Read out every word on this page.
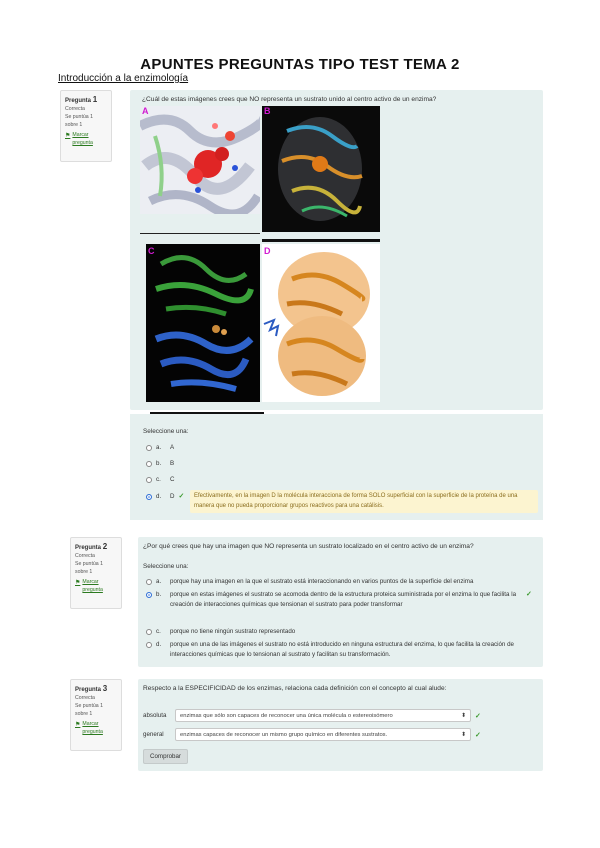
APUNTES PREGUNTAS TIPO TEST TEMA 2
Introducción a la enzimología
Pregunta 1
Correcta
Se puntúa 1 sobre 1
⚑ Marcar pregunta
¿Cuál de estas imágenes crees que NO representa un sustrato unido al centro activo de un enzima?
A	B
C	D
Seleccione una:
a.	A
b.	B
c.	C
d.	D ✓	Efectivamente, en la imagen D la molécula interacciona de forma SOLO superficial con la superficie de la proteína de una manera que no pueda proporcionar grupos reactivos para una catálisis.
Pregunta 2
Correcta
Se puntúa 1 sobre 1
⚑ Marcar pregunta
¿Por qué crees que hay una imagen que NO representa un sustrato localizado en el centro activo de un enzima?
Seleccione una:
a.	porque hay una imagen en la que el sustrato está interaccionando en varios puntos de la superficie del enzima
b.	porque en estas imágenes el sustrato se acomoda dentro de la estructura proteica suministrada por el enzima lo que facilita la creación de interacciones químicas que tensionan el sustrato para poder transformar
✓
c.	porque no tiene ningún sustrato representado
d.	porque en una de las imágenes el sustrato no está introducido en ninguna estructura del enzima, lo que facilita la creación de interacciones químicas que lo tensionan al sustrato y facilitan su transformación.
Pregunta 3
Correcta
Se puntúa 1 sobre 1
⚑ Marcar pregunta
Respecto a la ESPECIFICIDAD de los enzimas, relaciona cada definición con el concepto al cual alude:
absoluta	enzimas que sólo son capaces de reconocer una única molécula o estereoisómero	⬍ ✓
general	enzimas capaces de reconocer un mismo grupo químico en diferentes sustratos.	⬍ ✓
Comprobar
